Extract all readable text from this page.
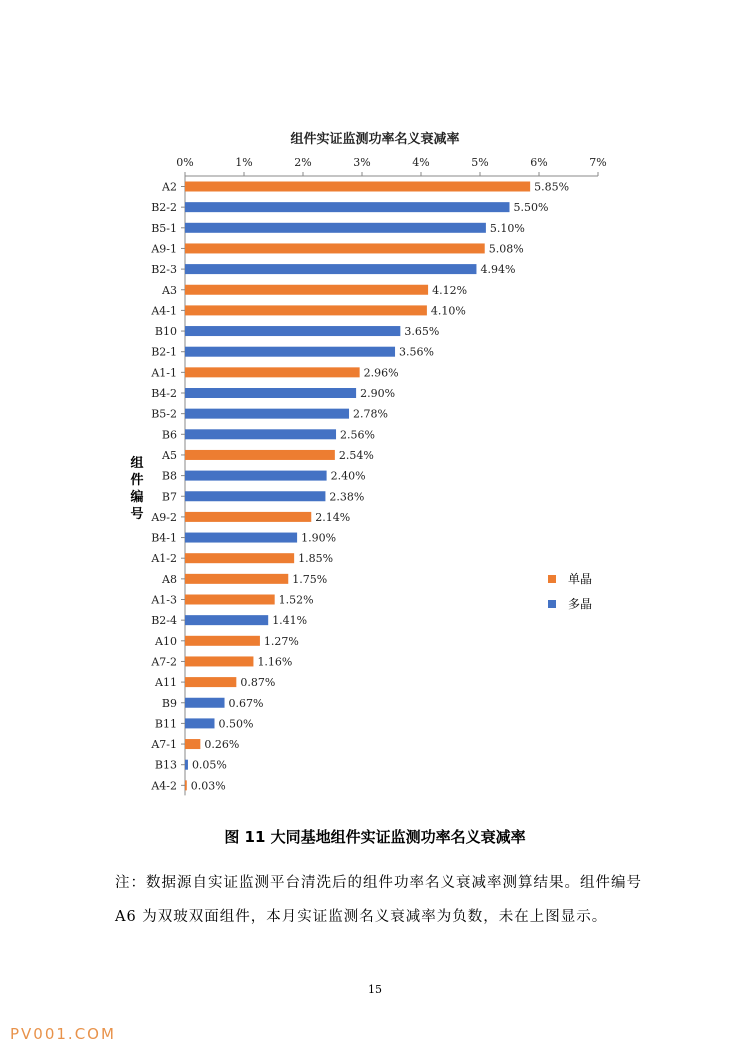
0%	1%	2%	3%	4%	5%	6%	7%
A2	5.85%
B2-2	5.50%
B5-1	5.10%
A9-1	5.08%
B2-3	4.94%
A3	4.12%
A4-1	4.10%
B10	3.65%
B2-1	3.56%
A1-1	2.96%
B4-2	2.90%
B5-2	2.78%
B6	2.56%
A5	2.54%
B8	2.40%
B7	2.38%
A9-2	2.14%
B4-1	1.90%
A1-2	1.85%
A8	1.75%
A1-3	1.52%
B2-4	1.41%
A10	1.27%
A7-2	1.16%
A11	0.87%
B9	0.67%
B11	0.50%
A7-1 0.26%
B13 0.05%
A4-2 0.03%
组件实证监测功率名义衰减率
组件编号
单晶
多晶
图 11 大同基地组件实证监测功率名义衰减率
注：数据源自实证监测平台清洗后的组件功率名义衰减率测算结果。组件编号 A6 为双玻双面组件，本月实证监测名义衰减率为负数，未在上图显示。
15
PV001.COM
